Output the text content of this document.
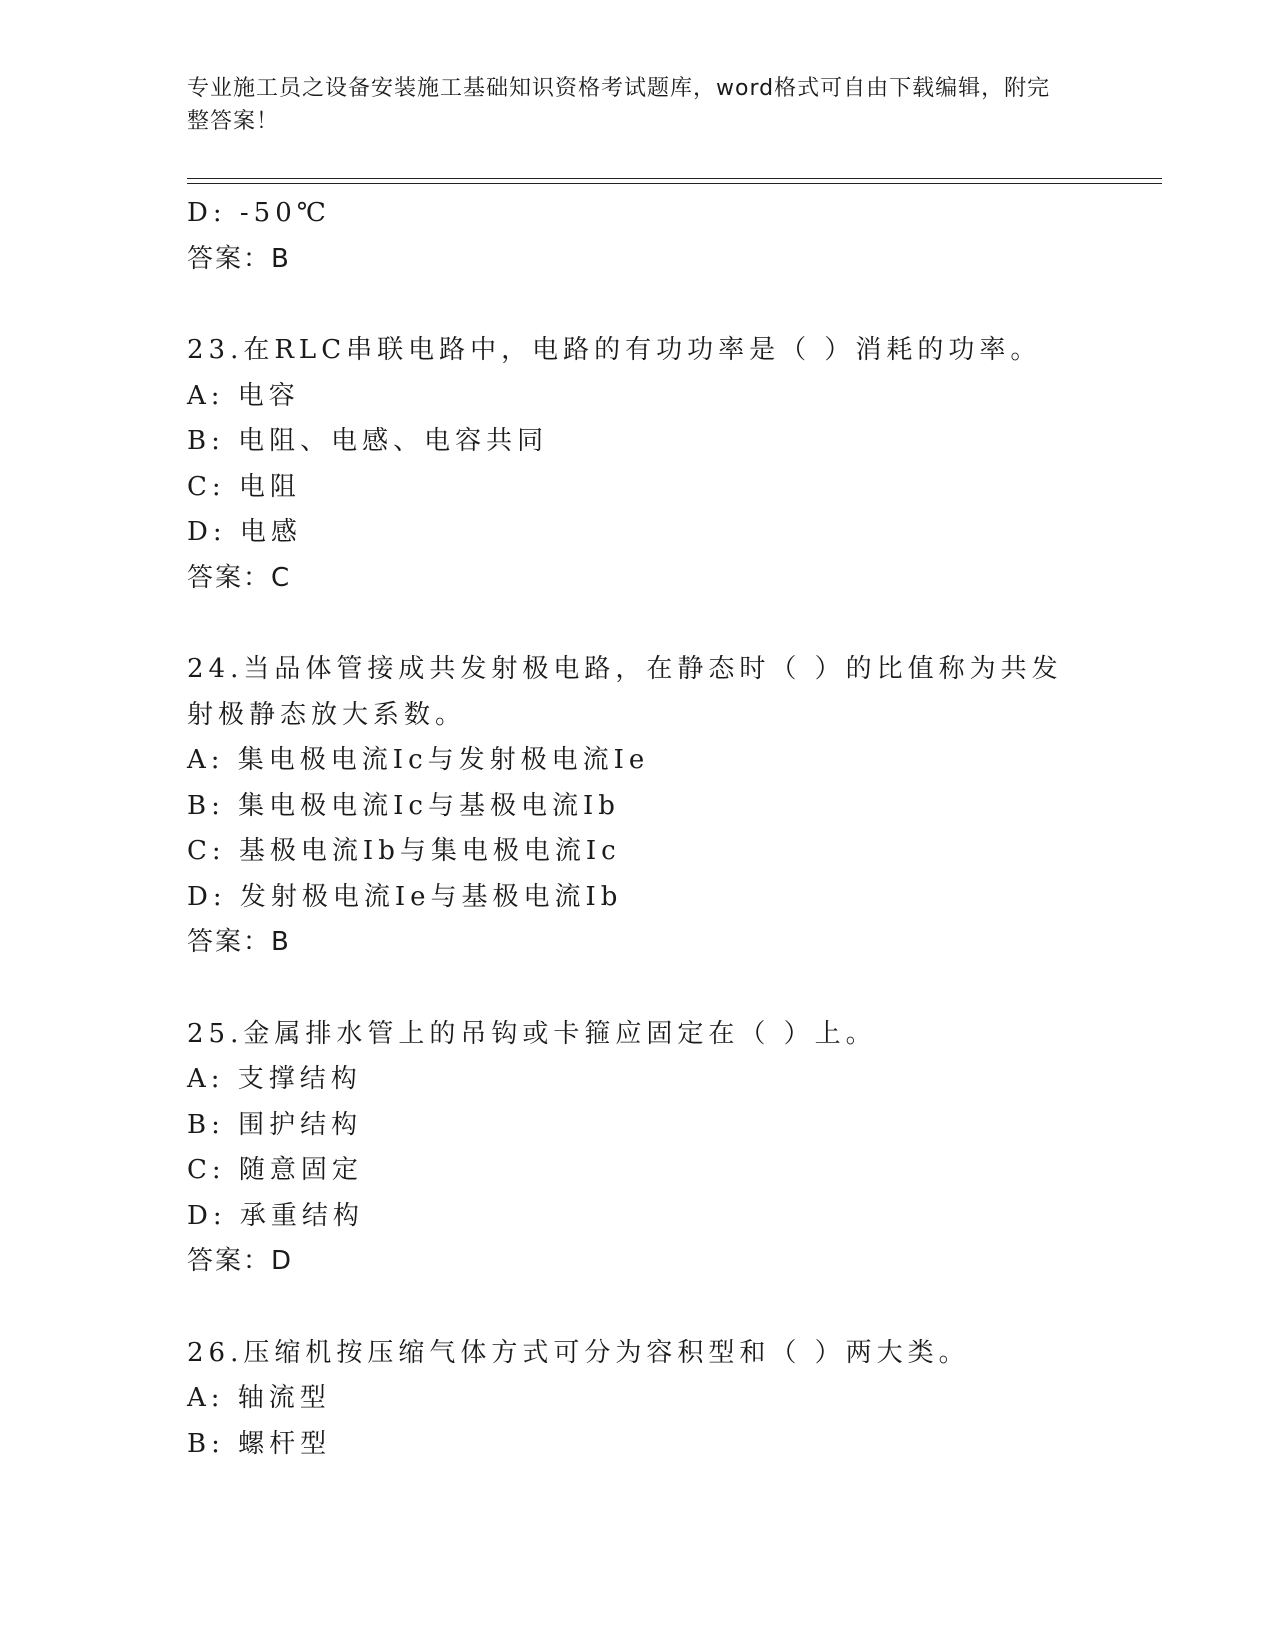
专业施工员之设备安装施工基础知识资格考试题库，word格式可自由下载编辑，附完整答案！
D: -50℃
答案：B
23.在RLC串联电路中，电路的有功功率是（ ）消耗的功率。
A: 电容
B: 电阻、电感、电容共同
C: 电阻
D: 电感
答案：C
24.当品体管接成共发射极电路，在静态时（ ）的比值称为共发射极静态放大系数。
A: 集电极电流Ic与发射极电流Ie
B: 集电极电流Ic与基极电流Ib
C: 基极电流Ib与集电极电流Ic
D: 发射极电流Ie与基极电流Ib
答案：B
25.金属排水管上的吊钩或卡箍应固定在（ ）上。
A: 支撑结构
B: 围护结构
C: 随意固定
D: 承重结构
答案：D
26.压缩机按压缩气体方式可分为容积型和（ ）两大类。
A: 轴流型
B: 螺杆型
